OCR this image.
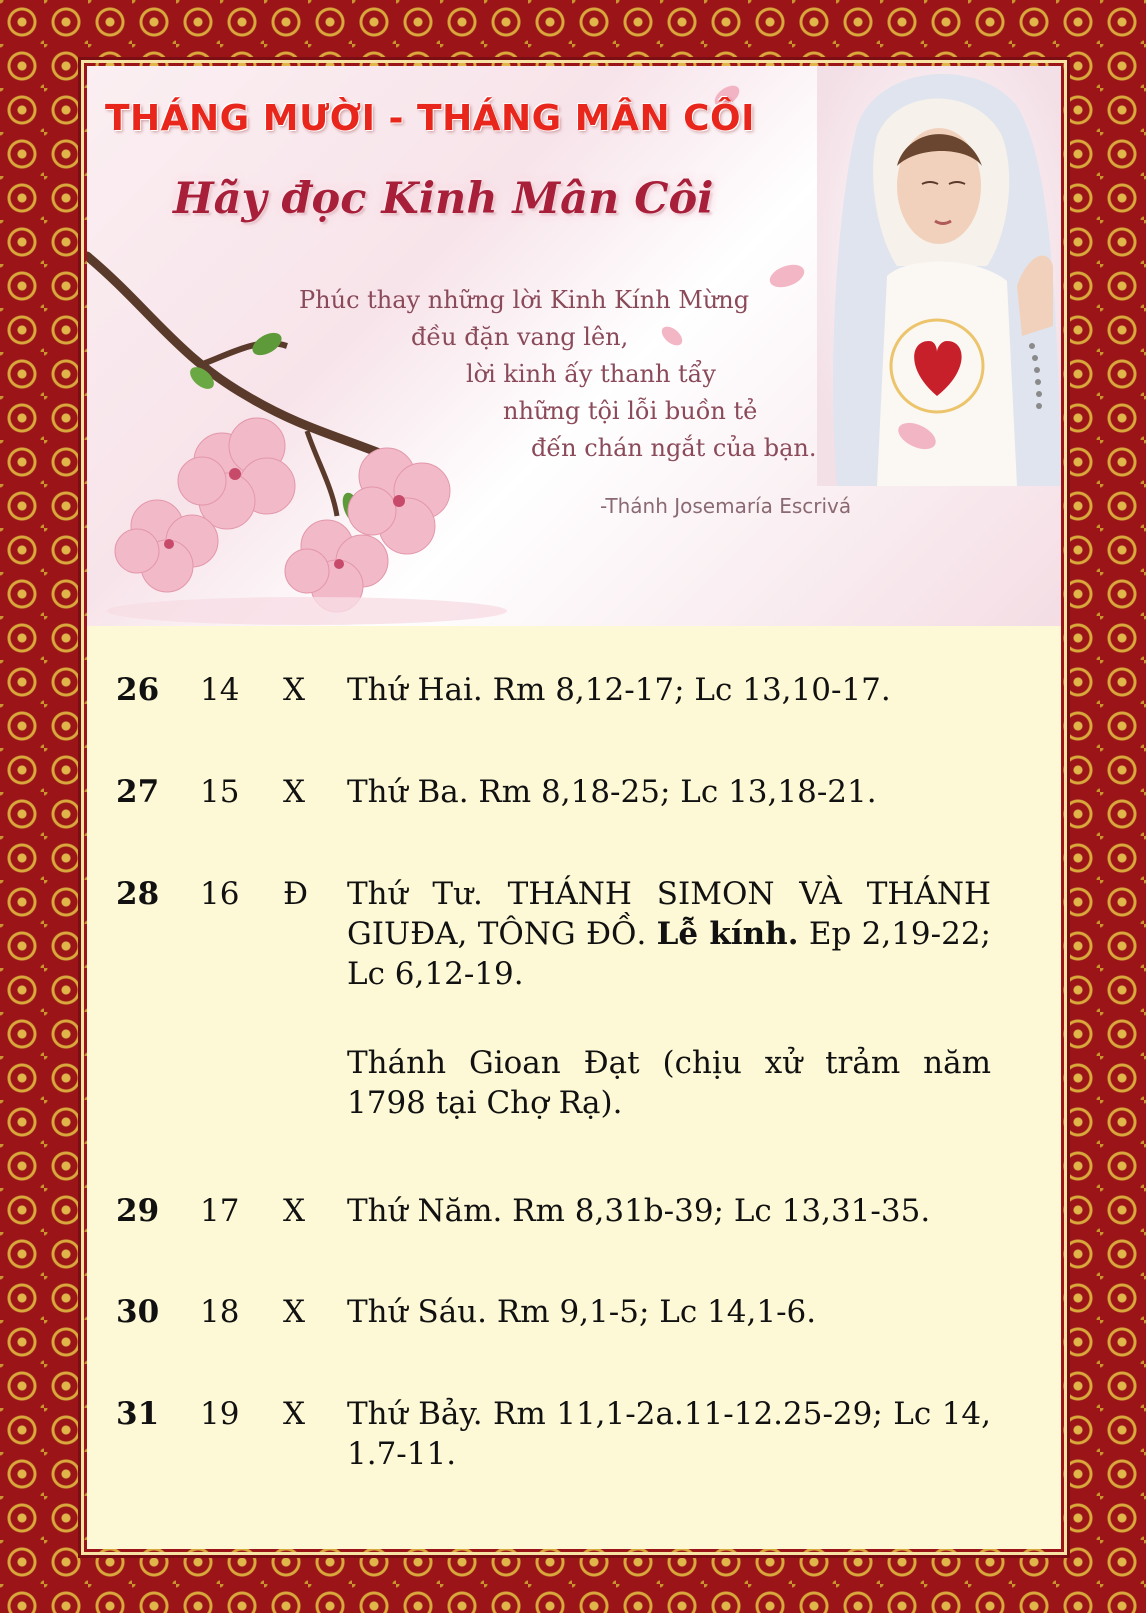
THÁNG MƯỜI - THÁNG MÂN CÔI
Hãy đọc Kinh Mân Côi
Phúc thay những lời Kinh Kính Mừng
đều đặn vang lên,
lời kinh ấy thanh tẩy
những tội lỗi buồn tẻ
đến chán ngắt của bạn.
-Thánh Josemaría Escrivá
26	14	X	Thứ Hai. Rm 8,12-17; Lc 13,10-17.
27	15	X	Thứ Ba. Rm 8,18-25; Lc 13,18-21.
28	16	Đ	Thứ Tư. THÁNH SIMON VÀ THÁNH GIUĐA, TÔNG ĐỒ. Lễ kính. Ep 2,19-22; Lc 6,12-19.
Thánh Gioan Đạt (chịu xử trảm năm 1798 tại Chợ Rạ).
29	17	X	Thứ Năm. Rm 8,31b-39; Lc 13,31-35.
30	18	X	Thứ Sáu. Rm 9,1-5; Lc 14,1-6.
31	19	X	Thứ Bảy. Rm 11,1-2a.11-12.25-29; Lc 14, 1.7-11.
